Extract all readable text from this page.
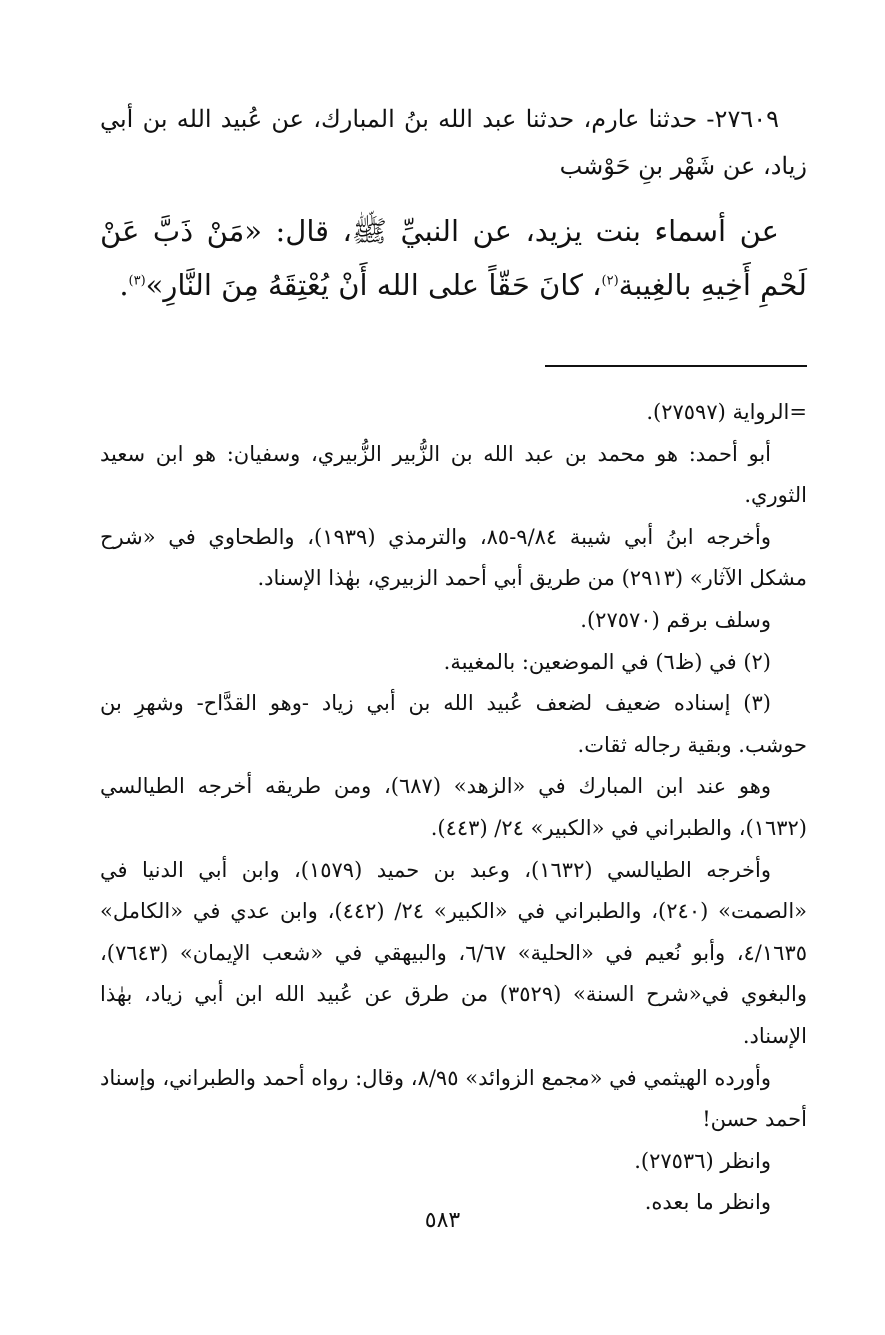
٢٧٦٠٩- حدثنا عارم، حدثنا عبد الله بنُ المبارك، عن عُبيد الله بن أبي زياد، عن شَهْر بنِ حَوْشب

عن أسماء بنت يزيد، عن النبيِّ ﷺ، قال: «مَنْ ذَبَّ عَنْ لَحْمِ أَخِيهِ بالغِيبة$^{(٢)}$، كانَ حَقّاً على الله أَنْ يُعْتِقَهُ مِنَ النَّارِ»$^{(٣)}$.

=الرواية (٢٧٥٩٧).

أبو أحمد: هو محمد بن عبد الله بن الزُّبير الزُّبيري، وسفيان: هو ابن سعيد الثوري.

وأخرجه ابنُ أبي شيبة ٩/٨٤-٨٥، والترمذي (١٩٣٩)، والطحاوي في «شرح مشكل الآثار» (٢٩١٣) من طريق أبي أحمد الزبيري، بهٰذا الإسناد.

وسلف برقم (٢٧٥٧٠).

(٢) في (ظ٦) في الموضعين: بالمغيبة.

(٣) إسناده ضعيف لضعف عُبيد الله بن أبي زياد -وهو القدَّاح- وشهرِ بن حوشب. وبقية رجاله ثقات.

وهو عند ابن المبارك في «الزهد» (٦٨٧)، ومن طريقه أخرجه الطيالسي (١٦٣٢)، والطبراني في «الكبير» ٢٤/ (٤٤٣).

وأخرجه الطيالسي (١٦٣٢)، وعبد بن حميد (١٥٧٩)، وابن أبي الدنيا في «الصمت» (٢٤٠)، والطبراني في «الكبير» ٢٤/ (٤٤٢)، وابن عدي في «الكامل» ٤/١٦٣٥، وأبو نُعيم في «الحلية» ٦/٦٧، والبيهقي في «شعب الإيمان» (٧٦٤٣)، والبغوي في«شرح السنة» (٣٥٢٩) من طرق عن عُبيد الله ابن أبي زياد، بهٰذا الإسناد.

وأورده الهيثمي في «مجمع الزوائد» ٨/٩٥، وقال: رواه أحمد والطبراني، وإسناد أحمد حسن!

وانظر (٢٧٥٣٦).

وانظر ما بعده.

٥٨٣
